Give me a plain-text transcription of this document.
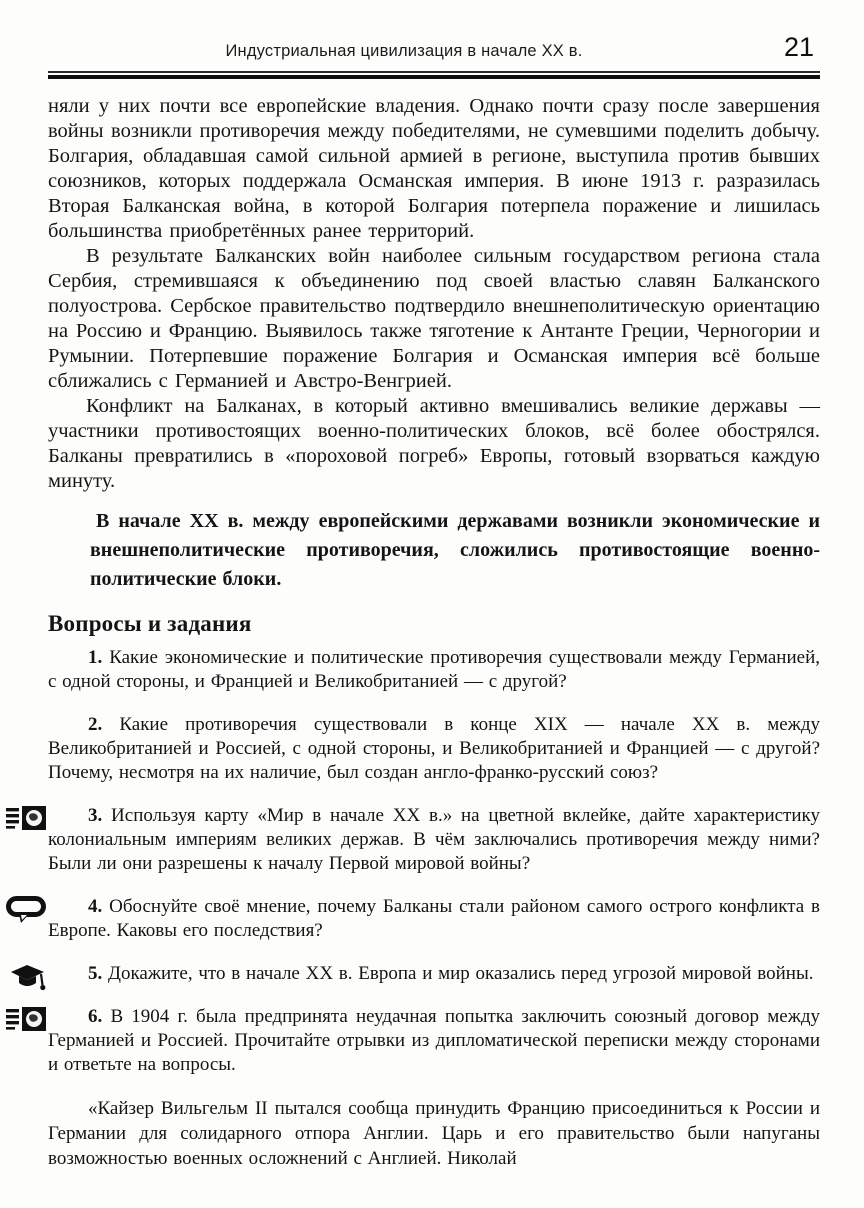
Индустриальная цивилизация в начале XX в.	21

няли у них почти все европейские владения. Однако почти сразу после завершения войны возникли противоречия между победителями, не сумевшими поделить добычу. Болгария, обладавшая самой сильной армией в регионе, выступила против бывших союзников, которых поддержала Османская империя. В июне 1913 г. разразилась Вторая Балканская война, в которой Болгария потерпела поражение и лишилась большинства приобретённых ранее территорий.

В результате Балканских войн наиболее сильным государством региона стала Сербия, стремившаяся к объединению под своей властью славян Балканского полуострова. Сербское правительство подтвердило внешнеполитическую ориентацию на Россию и Францию. Выявилось также тяготение к Антанте Греции, Черногории и Румынии. Потерпевшие поражение Болгария и Османская империя всё больше сближались с Германией и Австро-Венгрией.

Конфликт на Балканах, в который активно вмешивались великие державы — участники противостоящих военно-политических блоков, всё более обострялся. Балканы превратились в «пороховой погреб» Европы, готовый взорваться каждую минуту.

В начале XX в. между европейскими державами возникли экономические и внешнеполитические противоречия, сложились противостоящие военно-политические блоки.

Вопросы и задания

1. Какие экономические и политические противоречия существовали между Германией, с одной стороны, и Францией и Великобританией — с другой?

2. Какие противоречия существовали в конце XIX — начале XX в. между Великобританией и Россией, с одной стороны, и Великобританией и Францией — с другой? Почему, несмотря на их наличие, был создан англо-франко-русский союз?

3. Используя карту «Мир в начале XX в.» на цветной вклейке, дайте характеристику колониальным империям великих держав. В чём заключались противоречия между ними? Были ли они разрешены к началу Первой мировой войны?

4. Обоснуйте своё мнение, почему Балканы стали районом самого острого конфликта в Европе. Каковы его последствия?

5. Докажите, что в начале XX в. Европа и мир оказались перед угрозой мировой войны.

6. В 1904 г. была предпринята неудачная попытка заключить союзный договор между Германией и Россией. Прочитайте отрывки из дипломатической переписки между сторонами и ответьте на вопросы.

«Кайзер Вильгельм II пытался сообща принудить Францию присоединиться к России и Германии для солидарного отпора Англии. Царь и его правительство были напуганы возможностью военных осложнений с Англией. Николай
